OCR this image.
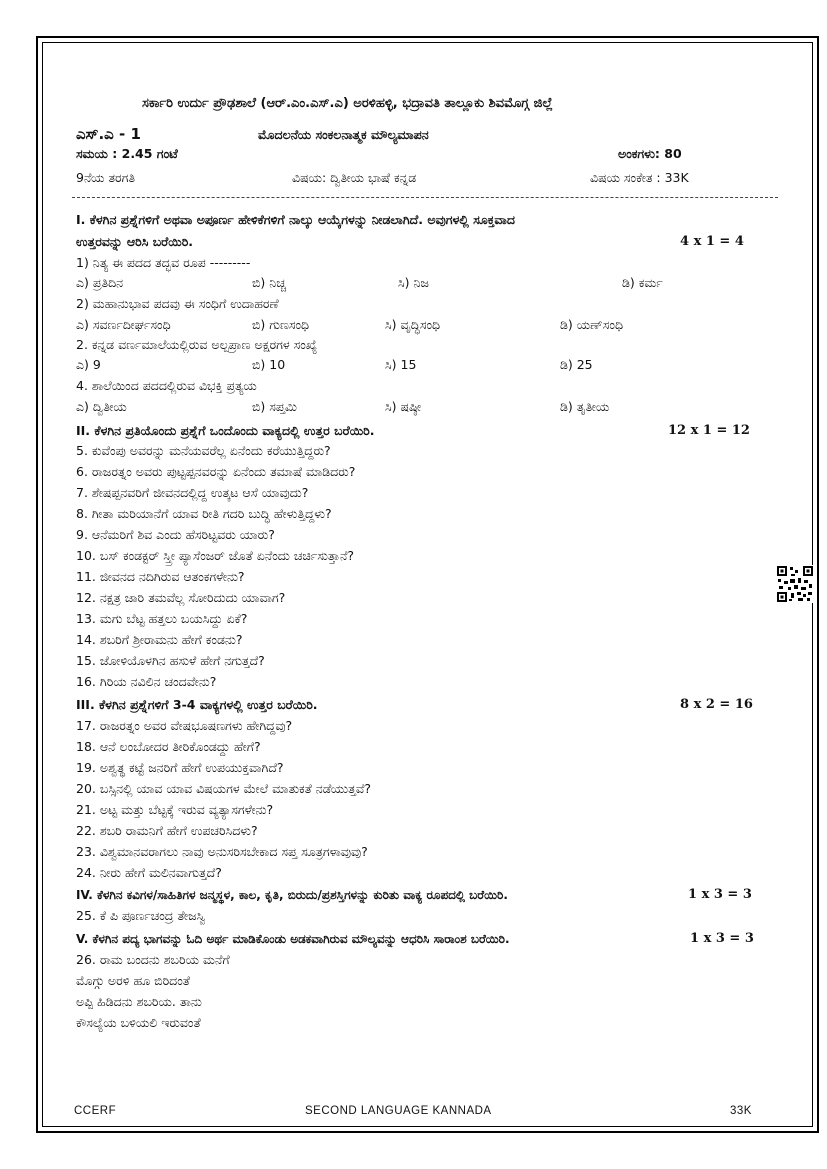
ಸರ್ಕಾರಿ ಉರ್ದು ಪ್ರೌಢಶಾಲೆ (ಆರ್.ಎಂ.ಎಸ್.ಎ) ಅರಳಿಹಳ್ಳಿ, ಭದ್ರಾವತಿ ತಾಲ್ಲೂಕು ಶಿವಮೊಗ್ಗ ಜಿಲ್ಲೆ
ಎಸ್.ಎ - 1	ಮೊದಲನೆಯ ಸಂಕಲನಾತ್ಮಕ ಮೌಲ್ಯಮಾಪನ
ಸಮಯ : 2.45 ಗಂಟೆ	ಅಂಕಗಳು: 80
9ನೆಯ ತರಗತಿ	ವಿಷಯ: ದ್ವಿತೀಯ ಭಾಷೆ ಕನ್ನಡ	ವಿಷಯ ಸಂಕೇತ : 33K
I. ಕೆಳಗಿನ ಪ್ರಶ್ನೆಗಳಿಗೆ ಅಥವಾ ಅಪೂರ್ಣ ಹೇಳಿಕೆಗಳಿಗೆ ನಾಲ್ಕು ಆಯ್ಕೆಗಳನ್ನು ನೀಡಲಾಗಿದೆ. ಅವುಗಳಲ್ಲಿ ಸೂಕ್ತವಾದ
ಉತ್ತರವನ್ನು ಆರಿಸಿ ಬರೆಯಿರಿ.	4 x 1 = 4
1) ನಿತ್ಯ ಈ ಪದದ ತದ್ಭವ ರೂಪ ---------
ಎ) ಪ್ರತಿದಿನ	ಬಿ) ನಿಚ್ಚ	ಸಿ) ನಿಜ	ಡಿ) ಕರ್ಮ
2) ಮಹಾನುಭಾವ ಪದವು ಈ ಸಂಧಿಗೆ ಉದಾಹರಣೆ
ಎ) ಸವರ್ಣದೀರ್ಘಸಂಧಿ	ಬಿ) ಗುಣಸಂಧಿ	ಸಿ) ವೃದ್ಧಿಸಂಧಿ	ಡಿ) ಯಣ್‌ಸಂಧಿ
2. ಕನ್ನಡ ವರ್ಣಮಾಲೆಯಲ್ಲಿರುವ ಅಲ್ಪಪ್ರಾಣ ಅಕ್ಷರಗಳ ಸಂಖ್ಯೆ
ಎ) 9	ಬಿ) 10	ಸಿ) 15	ಡಿ) 25
4. ಶಾಲೆಯಿಂದ ಪದದಲ್ಲಿರುವ ವಿಭಕ್ತಿ ಪ್ರತ್ಯಯ
ಎ) ದ್ವಿತೀಯ	ಬಿ) ಸಪ್ತಮಿ	ಸಿ) ಷಷ್ಠೀ	ಡಿ) ತೃತೀಯ
II. ಕೆಳಗಿನ ಪ್ರತಿಯೊಂದು ಪ್ರಶ್ನೆಗೆ ಒಂದೊಂದು ವಾಕ್ಯದಲ್ಲಿ ಉತ್ತರ ಬರೆಯಿರಿ.	12 x 1 = 12
5. ಕುವೆಂಪು ಅವರನ್ನು ಮನೆಯವರೆಲ್ಲ ಏನೆಂದು ಕರೆಯುತ್ತಿದ್ದರು?
6. ರಾಜರತ್ನಂ ಅವರು ಪುಟ್ಟಪ್ಪನವರನ್ನು ಏನೆಂದು ತಮಾಷೆ ಮಾಡಿದರು?
7. ಶೇಷಪ್ಪನವರಿಗೆ ಜೀವನದಲ್ಲಿದ್ದ ಉತ್ಕಟ ಆಸೆ ಯಾವುದು?
8. ಗೀತಾ ಮರಿಯಾನೆಗೆ ಯಾವ ರೀತಿ ಗದರಿ ಬುದ್ಧಿ ಹೇಳುತ್ತಿದ್ದಳು?
9. ಆನೆಮರಿಗೆ ಶಿವ ಎಂದು ಹೆಸರಿಟ್ಟವರು ಯಾರು?
10. ಬಸ್ ಕಂಡಕ್ಟರ್ ಸ್ತ್ರೀ ಪ್ಯಾಸೆಂಜರ್ ಜೊತೆ ಏನೆಂದು ಚರ್ಚಿಸುತ್ತಾನೆ?
11. ಜೀವನದ ನದಿಗಿರುವ ಆತಂಕಗಳೇನು?
12. ನಕ್ಷತ್ರ ಜಾರಿ ತಮವೆಲ್ಲ ಸೋರಿದುದು ಯಾವಾಗ?
13. ಮಗು ಬೆಟ್ಟ ಹತ್ತಲು ಬಯಸಿದ್ದು ಏಕೆ?
14. ಶಬರಿಗೆ ಶ್ರೀರಾಮನು ಹೇಗೆ ಕಂಡನು?
15. ಜೋಳಿಯೊಳಗಿನ ಹಸುಳೆ ಹೇಗೆ ನಗುತ್ತದೆ?
16. ಗಿರಿಯ ನವಿಲಿನ ಚಂದವೇನು?
III. ಕೆಳಗಿನ ಪ್ರಶ್ನೆಗಳಿಗೆ 3-4 ವಾಕ್ಯಗಳಲ್ಲಿ ಉತ್ತರ ಬರೆಯಿರಿ.	8 x 2 = 16
17. ರಾಜರತ್ನಂ ಅವರ ವೇಷಭೂಷಣಗಳು ಹೇಗಿದ್ದವು?
18. ಆನೆ ಲಂಬೋದರ ತೀರಿಕೊಂಡದ್ದು ಹೇಗೆ?
19. ಅಶ್ವತ್ಥ ಕಟ್ಟೆ ಜನರಿಗೆ ಹೇಗೆ ಉಪಯುಕ್ತವಾಗಿದೆ?
20. ಬಸ್ಸಿನಲ್ಲಿ ಯಾವ ಯಾವ ವಿಷಯಗಳ ಮೇಲೆ ಮಾತುಕತೆ ನಡೆಯುತ್ತವೆ?
21. ಅಟ್ಟ ಮತ್ತು ಬೆಟ್ಟಕ್ಕೆ ಇರುವ ವ್ಯತ್ಯಾಸಗಳೇನು?
22. ಶಬರಿ ರಾಮನಿಗೆ ಹೇಗೆ ಉಪಚರಿಸಿದಳು?
23. ವಿಶ್ವಮಾನವರಾಗಲು ನಾವು ಅನುಸರಿಸಬೇಕಾದ ಸಪ್ತ ಸೂತ್ರಗಳಾವುವು?
24. ನೀರು ಹೇಗೆ ಮಲಿನವಾಗುತ್ತದೆ?
IV. ಕೆಳಗಿನ ಕವಿಗಳ/ಸಾಹಿತಿಗಳ ಜನ್ಮಸ್ಥಳ, ಕಾಲ, ಕೃತಿ, ಬಿರುದು/ಪ್ರಶಸ್ತಿಗಳನ್ನು ಕುರಿತು ವಾಕ್ಯ ರೂಪದಲ್ಲಿ ಬರೆಯಿರಿ.	1 x 3 = 3
25. ಕೆ ಪಿ ಪೂರ್ಣಚಂದ್ರ ತೇಜಸ್ವಿ
V. ಕೆಳಗಿನ ಪದ್ಯ ಭಾಗವನ್ನು ಓದಿ ಅರ್ಥ ಮಾಡಿಕೊಂಡು ಅಡಕವಾಗಿರುವ ಮೌಲ್ಯವನ್ನು ಆಧರಿಸಿ ಸಾರಾಂಶ ಬರೆಯಿರಿ.	1 x 3 = 3
26. ರಾಮ ಬಂದನು ಶಬರಿಯ ಮನೆಗೆ
ಮೊಗ್ಗು ಅರಳಿ ಹೂ ಬಿರಿದಂತೆ
ಅಪ್ಪಿ ಹಿಡಿದನು ಶಬರಿಯ. ತಾನು
ಕೌಸಲ್ಯೆಯ ಬಳಿಯಲಿ ಇರುವಂತೆ
CCERF	SECOND LANGUAGE KANNADA	33K
